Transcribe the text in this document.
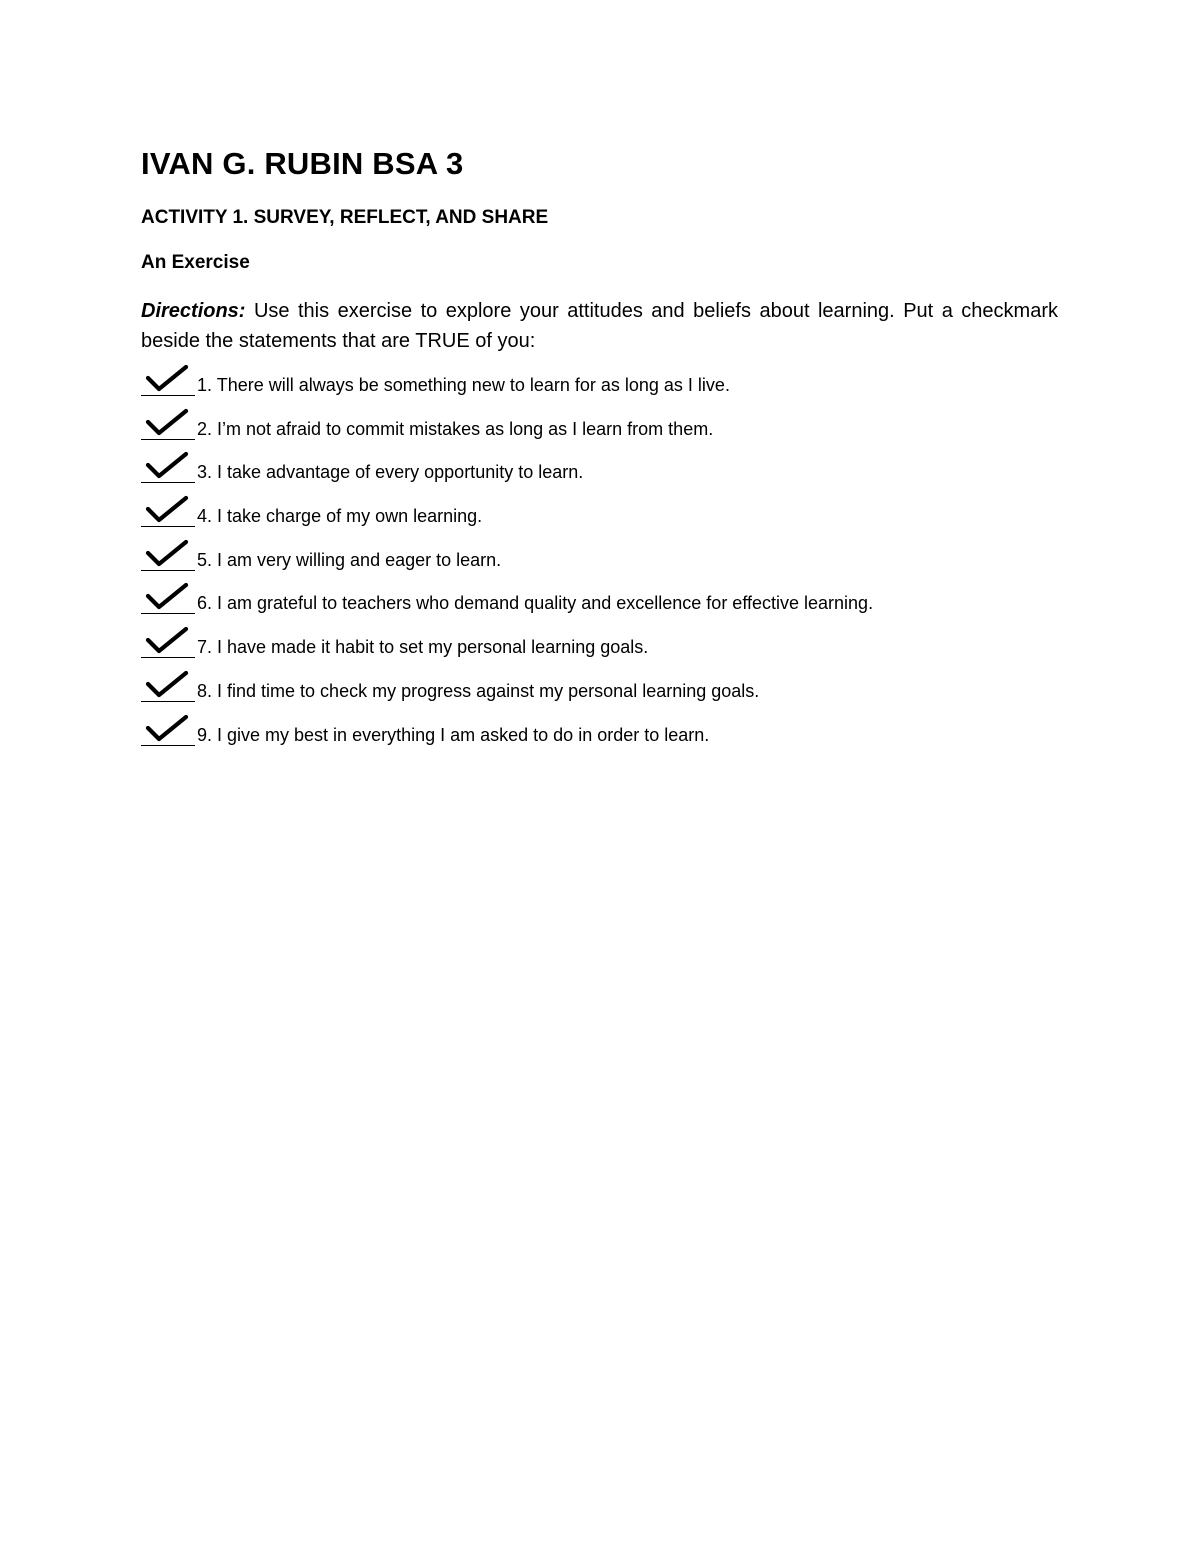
IVAN G. RUBIN BSA 3
ACTIVITY 1. SURVEY, REFLECT, AND SHARE
An Exercise
Directions: Use this exercise to explore your attitudes and beliefs about learning. Put a checkmark beside the statements that are TRUE of you:
1. There will always be something new to learn for as long as I live.
2. I’m not afraid to commit mistakes as long as I learn from them.
3. I take advantage of every opportunity to learn.
4. I take charge of my own learning.
5. I am very willing and eager to learn.
6. I am grateful to teachers who demand quality and excellence for effective learning.
7. I have made it habit to set my personal learning goals.
8. I find time to check my progress against my personal learning goals.
9. I give my best in everything I am asked to do in order to learn.
